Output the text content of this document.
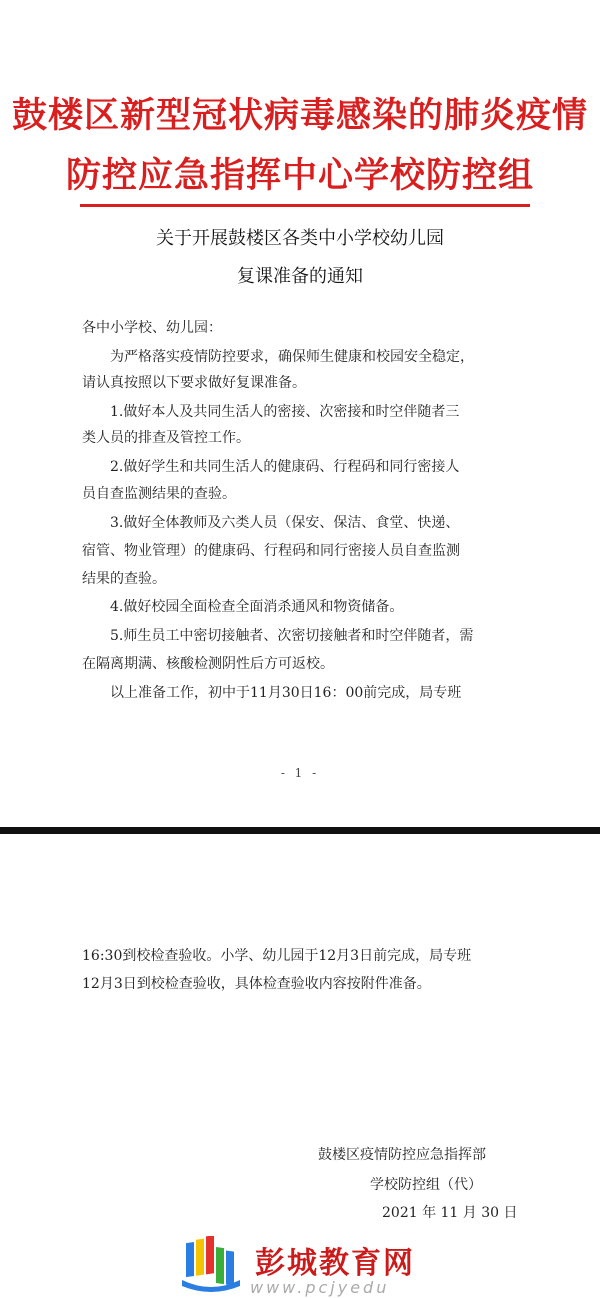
鼓楼区新型冠状病毒感染的肺炎疫情
防控应急指挥中心学校防控组
关于开展鼓楼区各类中小学校幼儿园
复课准备的通知
各中小学校、幼儿园：
为严格落实疫情防控要求，确保师生健康和校园安全稳定，
请认真按照以下要求做好复课准备。
1.做好本人及共同生活人的密接、次密接和时空伴随者三
类人员的排查及管控工作。
2.做好学生和共同生活人的健康码、行程码和同行密接人
员自查监测结果的查验。
3.做好全体教师及六类人员（保安、保洁、食堂、快递、
宿管、物业管理）的健康码、行程码和同行密接人员自查监测
结果的查验。
4.做好校园全面检查全面消杀通风和物资储备。
5.师生员工中密切接触者、次密切接触者和时空伴随者，需
在隔离期满、核酸检测阴性后方可返校。
以上准备工作，初中于11月30日16：00前完成，局专班
- 1 -
16:30到校检查验收。小学、幼儿园于12月3日前完成，局专班
12月3日到校检查验收，具体检查验收内容按附件准备。
鼓楼区疫情防控应急指挥部
学校防控组（代）
2021 年 11 月 30 日
彭城教育网
www.pcjyedu
